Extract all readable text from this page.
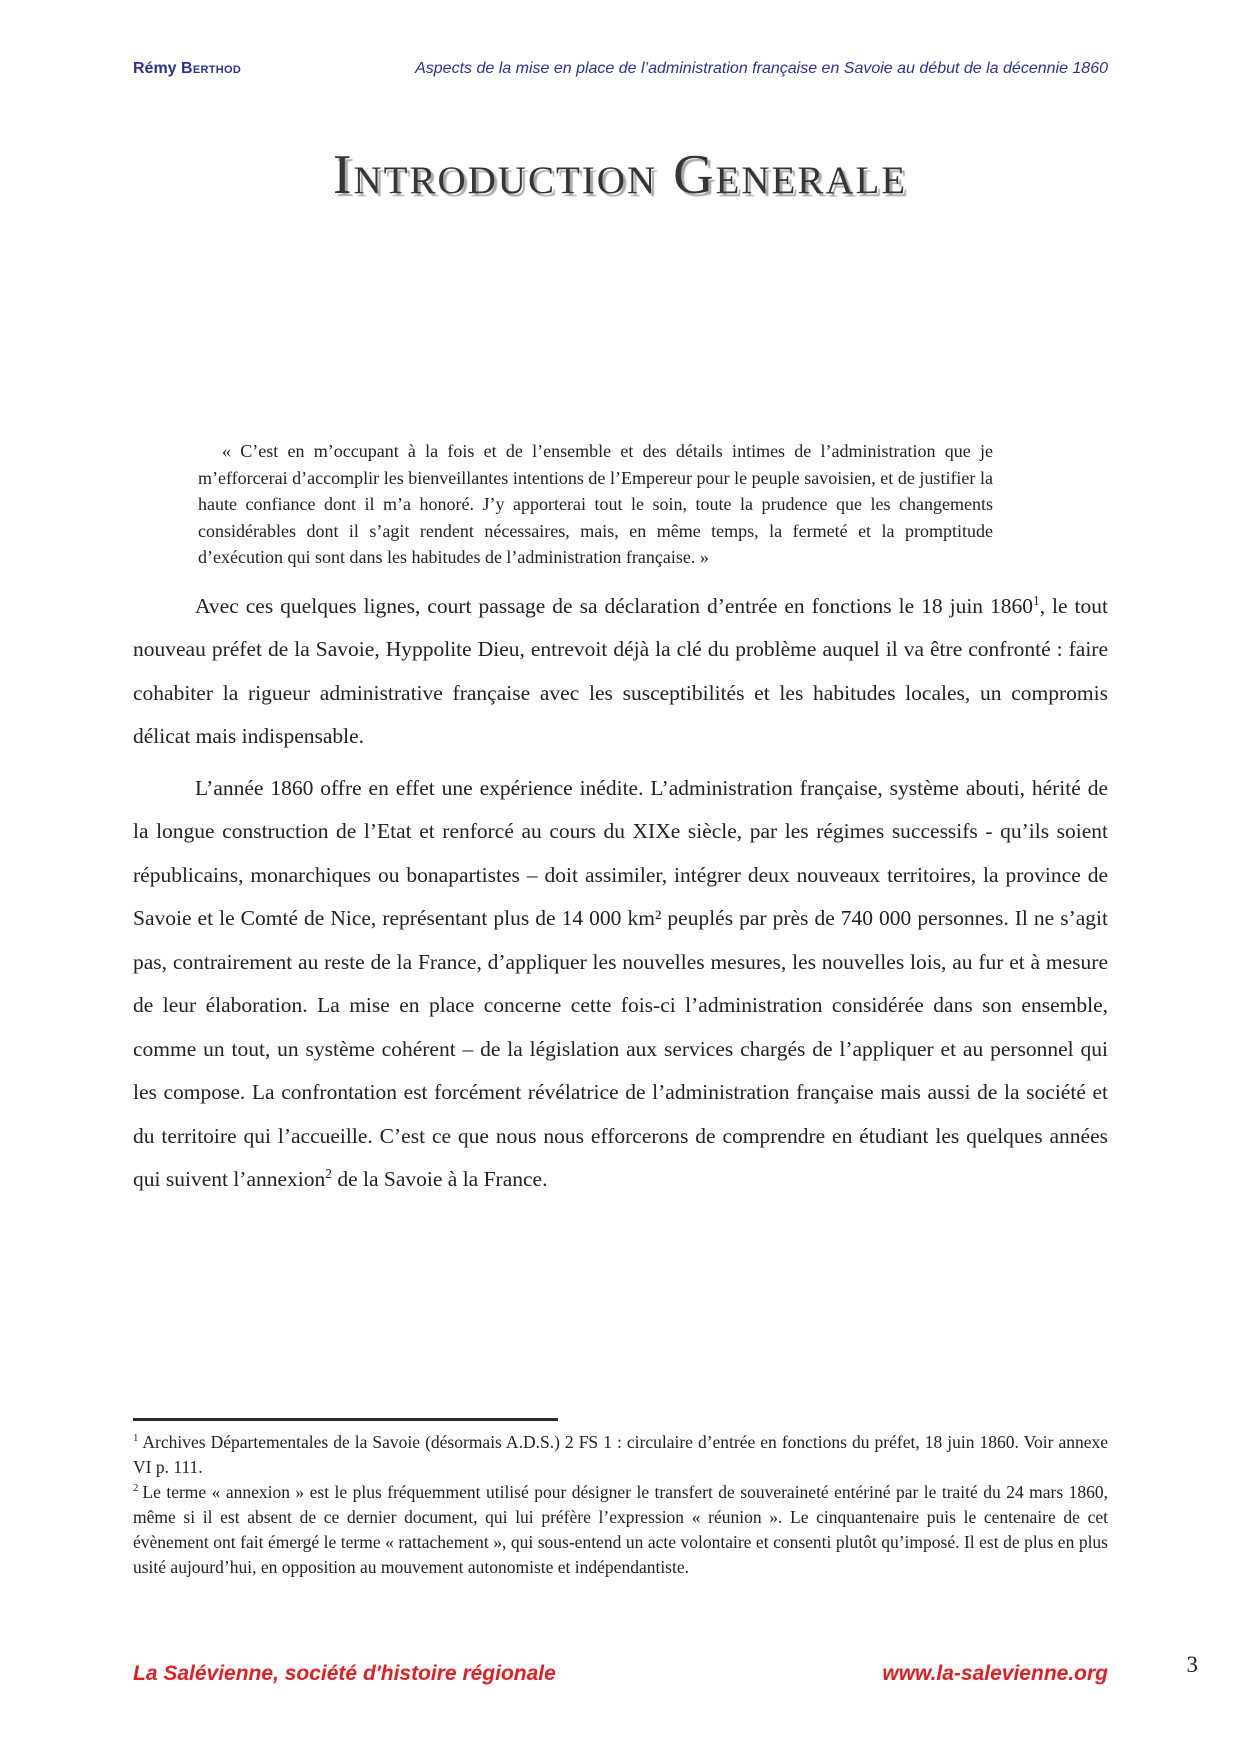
Rémy Berthod	Aspects de la mise en place de l’administration française en Savoie au début de la décennie 1860
Introduction Generale
« C’est en m’occupant à la fois et de l’ensemble et des détails intimes de l’administration que je m’efforcerai d’accomplir les bienveillantes intentions de l’Empereur pour le peuple savoisien, et de justifier la haute confiance dont il m’a honoré. J’y apporterai tout le soin, toute la prudence que les changements considérables dont il s’agit rendent nécessaires, mais, en même temps, la fermeté et la promptitude d’exécution qui sont dans les habitudes de l’administration française. »

Avec ces quelques lignes, court passage de sa déclaration d’entrée en fonctions le 18 juin 1860$^1$, le tout nouveau préfet de la Savoie, Hyppolite Dieu, entrevoit déjà la clé du problème auquel il va être confronté : faire cohabiter la rigueur administrative française avec les susceptibilités et les habitudes locales, un compromis délicat mais indispensable.

L’année 1860 offre en effet une expérience inédite. L’administration française, système abouti, hérité de la longue construction de l’Etat et renforcé au cours du XIXe siècle, par les régimes successifs - qu’ils soient républicains, monarchiques ou bonapartistes – doit assimiler, intégrer deux nouveaux territoires, la province de Savoie et le Comté de Nice, représentant plus de 14 000 km² peuplés par près de 740 000 personnes. Il ne s’agit pas, contrairement au reste de la France, d’appliquer les nouvelles mesures, les nouvelles lois, au fur et à mesure de leur élaboration. La mise en place concerne cette fois-ci l’administration considérée dans son ensemble, comme un tout, un système cohérent – de la législation aux services chargés de l’appliquer et au personnel qui les compose. La confrontation est forcément révélatrice de l’administration française mais aussi de la société et du territoire qui l’accueille. C’est ce que nous nous efforcerons de comprendre en étudiant les quelques années qui suivent l’annexion$^2$ de la Savoie à la France.

$^1$ Archives Départementales de la Savoie (désormais A.D.S.) 2 FS 1 : circulaire d’entrée en fonctions du préfet, 18 juin 1860. Voir annexe VI p. 111.
$^2$ Le terme « annexion » est le plus fréquemment utilisé pour désigner le transfert de souveraineté entériné par le traité du 24 mars 1860, même si il est absent de ce dernier document, qui lui préfère l’expression « réunion ». Le cinquantenaire puis le centenaire de cet évènement ont fait émergé le terme « rattachement », qui sous-entend un acte volontaire et consenti plutôt qu’imposé. Il est de plus en plus usité aujourd’hui, en opposition au mouvement autonomiste et indépendantiste.
La Salévienne, société d'histoire régionale	www.la-salevienne.org	3
